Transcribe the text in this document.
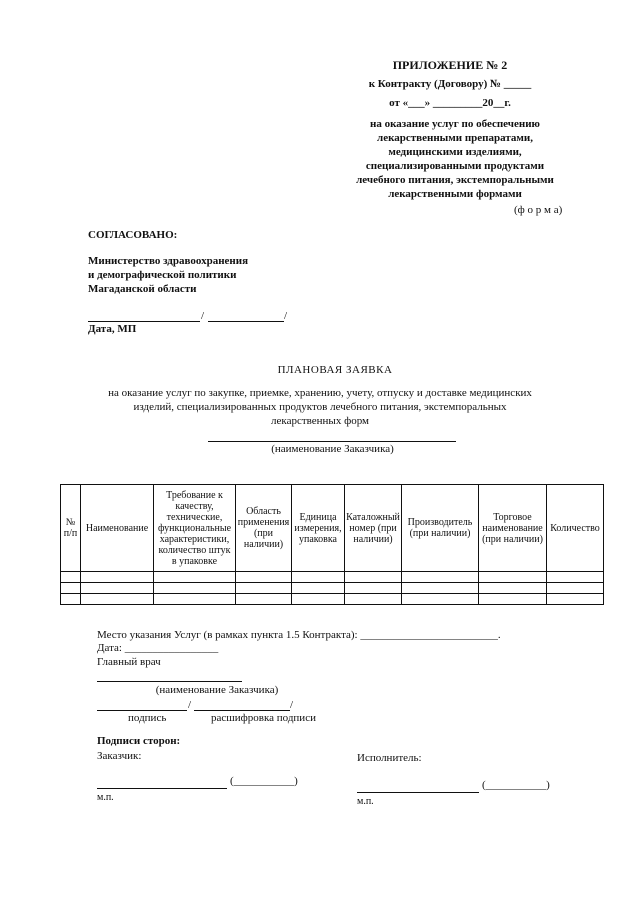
ПРИЛОЖЕНИЕ № 2
к Контракту (Договору) № _____
от «___» _________20__г.
на оказание услуг по обеспечению
лекарственными препаратами,
медицинскими изделиями,
специализированными продуктами
лечебного питания, экстемпоральными
лекарственными формами
(ф о р м а)
СОГЛАСОВАНО:
Министерство здравоохранения
и демографической политики
Магаданской области
/	/
Дата, МП
ПЛАНОВАЯ ЗАЯВКА
на оказание услуг по закупке, приемке, хранению, учету, отпуску и доставке медицинских
изделий, специализированных продуктов лечебного питания, экстемпоральных
лекарственных форм
(наименование Заказчика)
№ п/п	Наименование	Требование к качеству, технические, функциональные характеристики, количество штук в упаковке	Область применения (при наличии)	Единица измерения, упаковка	Каталожный номер (при наличии)	Производитель (при наличии)	Торговое наименование (при наличии)	Количество

Место указания Услуг (в рамках пункта 1.5 Контракта): _________________________.
Дата: _________________
Главный врач
(наименование Заказчика)
/	/
подпись	расшифровка подписи
Подписи сторон:
Заказчик:
(___________)
м.п.
Исполнитель:
(___________)
м.п.
